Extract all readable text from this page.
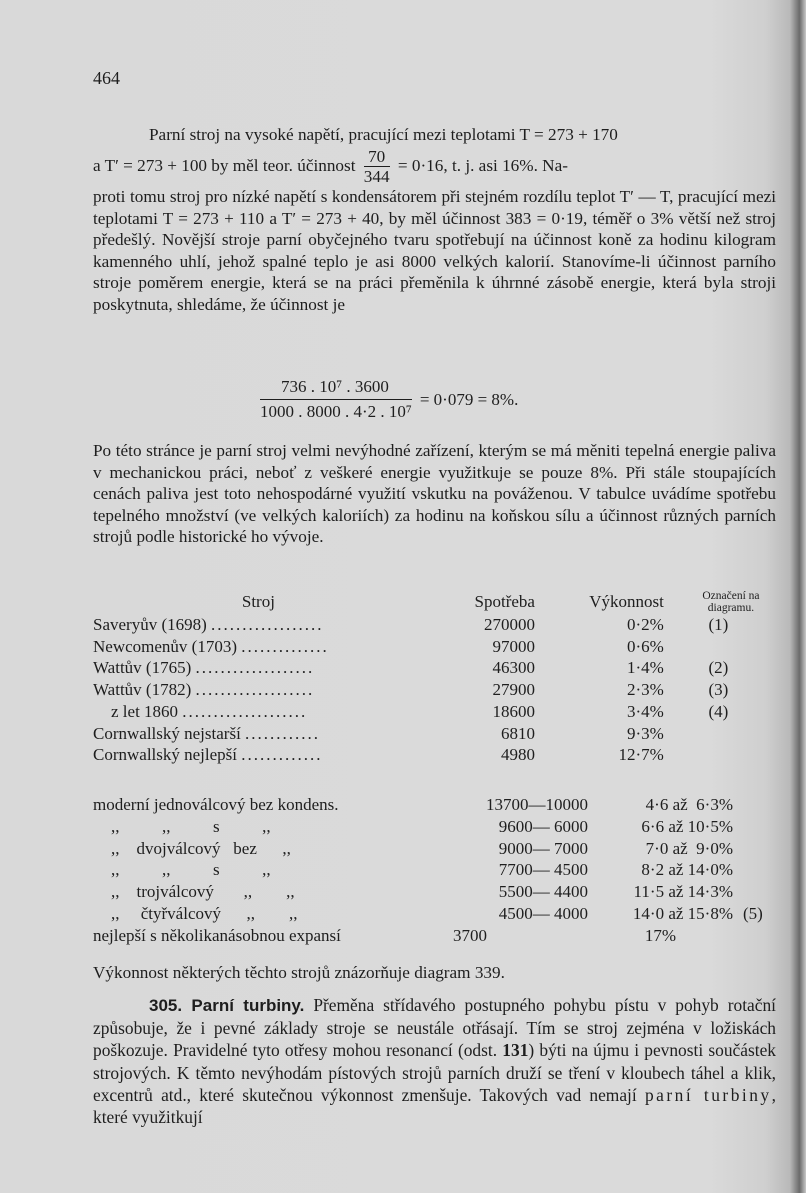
464

Parní stroj na vysoké napětí, pracující mezi teplotami T = 273 + 170

a T′ = 273 + 100 by měl teor. účinnost $\frac{70}{344} = 0\cdot 16$, t. j. asi 16%. Na-

proti tomu stroj pro nízké napětí s kondensátorem při stejném rozdílu teplot T′ — T, pracující mezi teplotami T = 273 + 110 a T′ = 273 + 40, by měl účinnost 383 = 0·19, téměř o 3% větší než stroj předešlý. Novější stroje parní obyčejného tvaru spotřebují na účinnost koně za hodinu kilogram kamenného uhlí, jehož spalné teplo je asi 8000 velkých kalorií. Stanovíme-li účinnost parního stroje poměrem energie, která se na práci přeměnila k úhrnné zásobě energie, která byla stroji poskytnuta, shledáme, že účinnost je

$\frac{\text{736 . 10⁷ . 3600}}{\text{1000 . 8000 . 4·2 . 10⁷}} = 0\cdot 079 = 8\%$.

Po této stránce je parní stroj velmi nevýhodné zařízení, kterým se má měniti tepelná energie paliva v mechanickou práci, neboť z veškeré energie využitkuje se pouze 8%. Při stále stoupajících cenách paliva jest toto nehospodárné využití vskutku na pováženou. V tabulce uvádíme spotřebu tepelného množství (ve velkých kaloriích) za hodinu na koňskou sílu a účinnost různých parních strojů podle historické ho vývoje.

Stroj	Spotřeba	Výkonnost	Označení na diagramu.
Saveryův (1698) ..................	270000	0·2%	(1)
Newcomenův (1703) ..............	97000	0·6%	
Wattův (1765) ...................	46300	1·4%	(2)
Wattův (1782) ...................	27900	2·3%	(3)
z let 1860 ....................	18600	3·4%	(4)
Cornwallský nejstarší ............	6810	9·3%	
Cornwallský nejlepší .............	4980	12·7%	
moderní jednoválcový bez kondens.	13700—10000	4·6 až  6·3%	
,,          ,,          s          ,,	9600— 6000	6·6 až 10·5%	
,,    dvojválcový   bez      ,,	9000— 7000	7·0 až  9·0%	
,,          ,,          s          ,,	7700— 4500	8·2 až 14·0%	
,,    trojválcový       ,,        ,,	5500— 4400	11·5 až 14·3%	
,,     čtyřválcový      ,,        ,,	4500— 4000	14·0 až 15·8%	(5)
nejlepší s několikanásobnou expansí	3700	17%	
Výkonnost některých těchto strojů znázorňuje diagram 339.

305. Parní turbiny. Přeměna střídavého postupného pohybu pístu v pohyb rotační způsobuje, že i pevné základy stroje se neustále otřásají. Tím se stroj zejména v ložiskách poškozuje. Pravidelné tyto otřesy mohou resonancí (odst. 131) býti na újmu i pevnosti součástek strojových. K těmto nevýhodám pístových strojů parních druží se tření v kloubech táhel a klik, excentrů atd., které skutečnou výkonnost zmenšuje. Takových vad nemají parní turbiny, které využitkují
